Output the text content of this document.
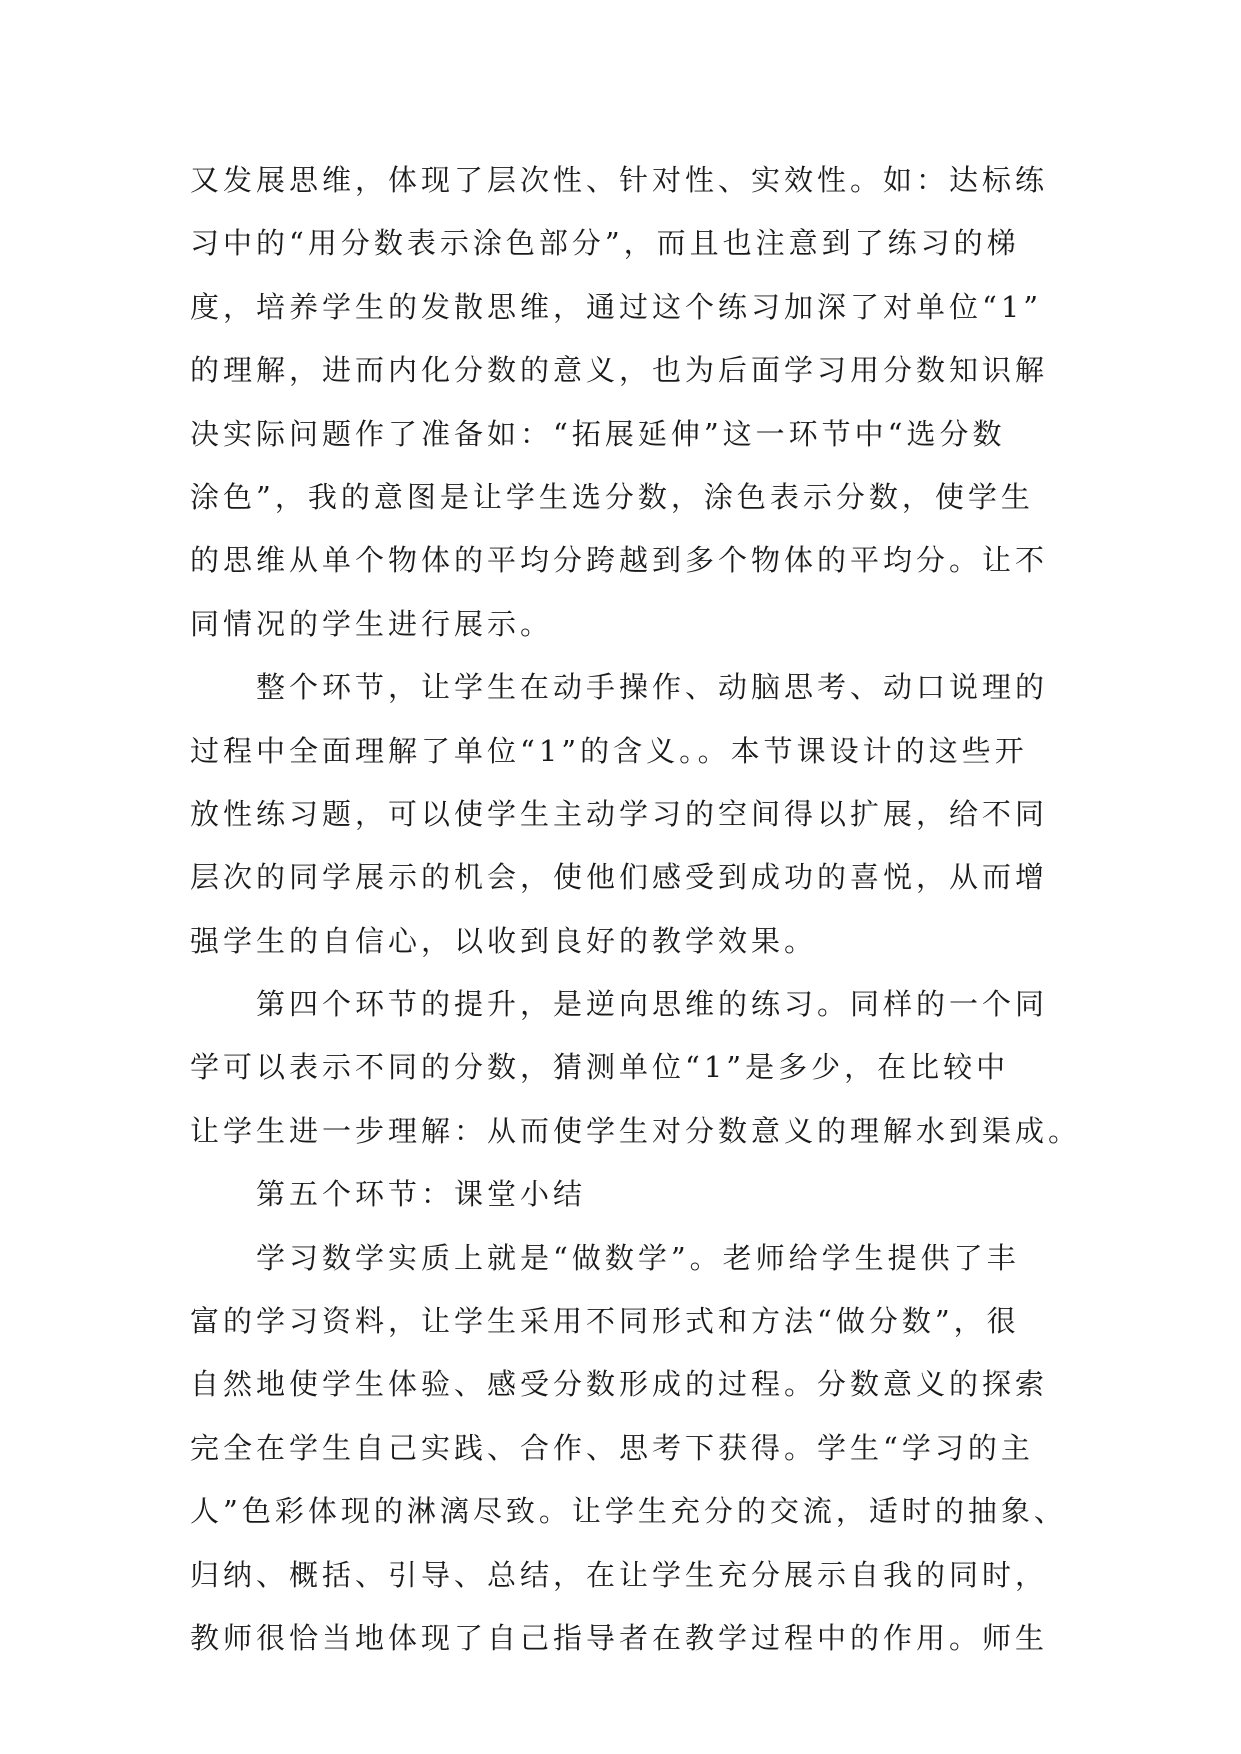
又发展思维，体现了层次性、针对性、实效性。如：达标练
习中的“用分数表示涂色部分”，而且也注意到了练习的梯
度，培养学生的发散思维，通过这个练习加深了对单位“1”
的理解，进而内化分数的意义，也为后面学习用分数知识解
决实际问题作了准备如：“拓展延伸”这一环节中“选分数
涂色”，我的意图是让学生选分数，涂色表示分数，使学生
的思维从单个物体的平均分跨越到多个物体的平均分。让不
同情况的学生进行展示。
整个环节，让学生在动手操作、动脑思考、动口说理的
过程中全面理解了单位“1”的含义。。本节课设计的这些开
放性练习题，可以使学生主动学习的空间得以扩展，给不同
层次的同学展示的机会，使他们感受到成功的喜悦，从而增
强学生的自信心，以收到良好的教学效果。
第四个环节的提升，是逆向思维的练习。同样的一个同
学可以表示不同的分数，猜测单位“1”是多少，在比较中
让学生进一步理解：从而使学生对分数意义的理解水到渠成。
第五个环节：课堂小结
学习数学实质上就是“做数学”。老师给学生提供了丰
富的学习资料，让学生采用不同形式和方法“做分数”，很
自然地使学生体验、感受分数形成的过程。分数意义的探索
完全在学生自己实践、合作、思考下获得。学生“学习的主
人”色彩体现的淋漓尽致。让学生充分的交流，适时的抽象、
归纳、概括、引导、总结，在让学生充分展示自我的同时，
教师很恰当地体现了自己指导者在教学过程中的作用。师生
